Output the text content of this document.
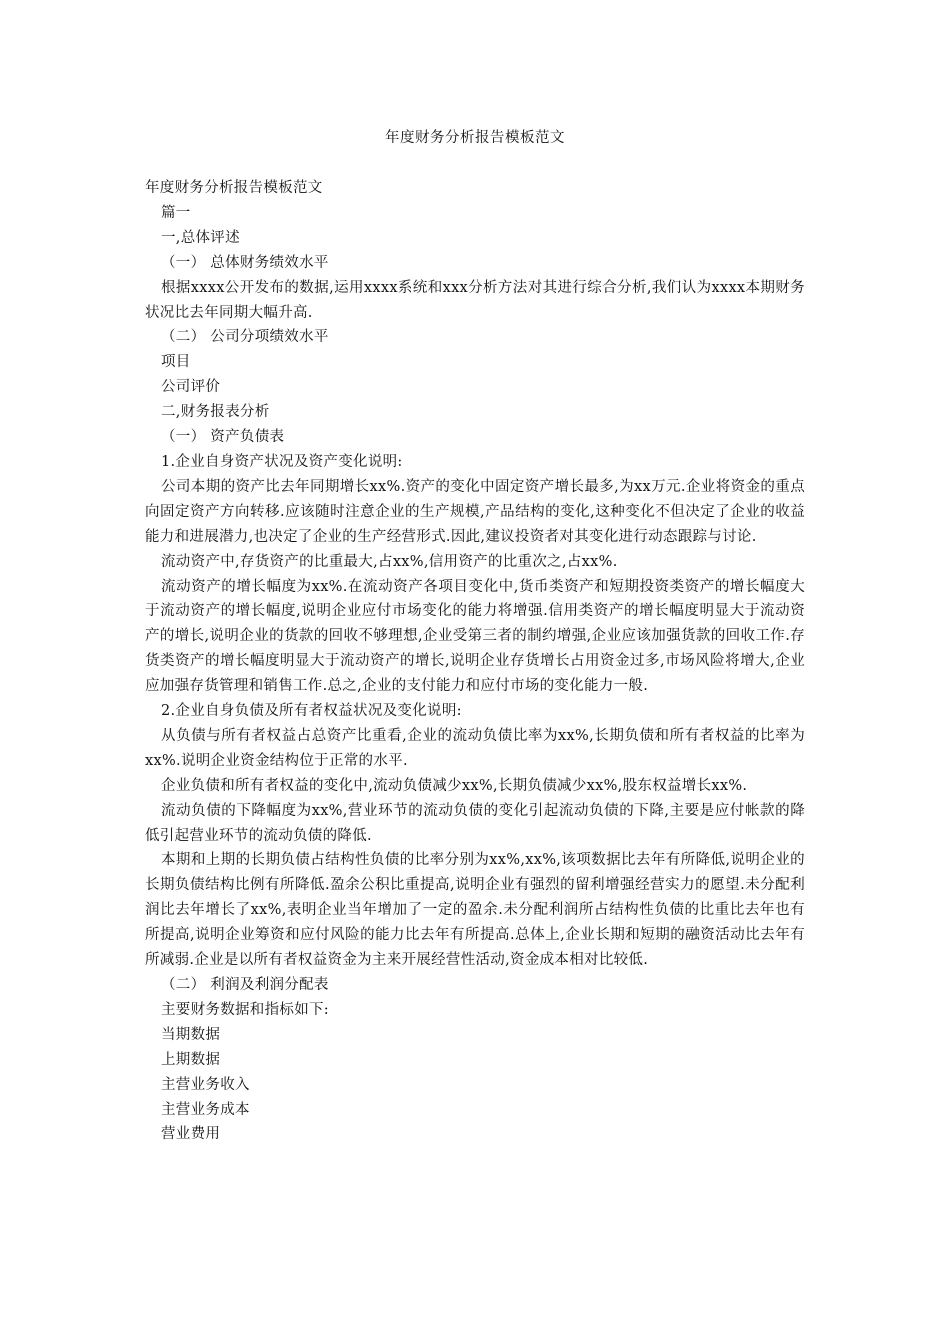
年度财务分析报告模板范文

年度财务分析报告模板范文

篇一

一,总体评述

（一） 总体财务绩效水平

根据xxxx公开发布的数据,运用xxxx系统和xxx分析方法对其进行综合分析,我们认为xxxx本期财务状况比去年同期大幅升高.

（二） 公司分项绩效水平

项目

公司评价

二,财务报表分析

（一） 资产负债表

1.企业自身资产状况及资产变化说明:

公司本期的资产比去年同期增长xx%.资产的变化中固定资产增长最多,为xx万元.企业将资金的重点向固定资产方向转移.应该随时注意企业的生产规模,产品结构的变化,这种变化不但决定了企业的收益能力和进展潜力,也决定了企业的生产经营形式.因此,建议投资者对其变化进行动态跟踪与讨论.

流动资产中,存货资产的比重最大,占xx%,信用资产的比重次之,占xx%.

流动资产的增长幅度为xx%.在流动资产各项目变化中,货币类资产和短期投资类资产的增长幅度大于流动资产的增长幅度,说明企业应付市场变化的能力将增强.信用类资产的增长幅度明显大于流动资产的增长,说明企业的货款的回收不够理想,企业受第三者的制约增强,企业应该加强货款的回收工作.存货类资产的增长幅度明显大于流动资产的增长,说明企业存货增长占用资金过多,市场风险将增大,企业应加强存货管理和销售工作.总之,企业的支付能力和应付市场的变化能力一般.

2.企业自身负债及所有者权益状况及变化说明:

从负债与所有者权益占总资产比重看,企业的流动负债比率为xx%,长期负债和所有者权益的比率为xx%.说明企业资金结构位于正常的水平.

企业负债和所有者权益的变化中,流动负债减少xx%,长期负债减少xx%,股东权益增长xx%.

流动负债的下降幅度为xx%,营业环节的流动负债的变化引起流动负债的下降,主要是应付帐款的降低引起营业环节的流动负债的降低.

本期和上期的长期负债占结构性负债的比率分别为xx%,xx%,该项数据比去年有所降低,说明企业的长期负债结构比例有所降低.盈余公积比重提高,说明企业有强烈的留利增强经营实力的愿望.未分配利润比去年增长了xx%,表明企业当年增加了一定的盈余.未分配利润所占结构性负债的比重比去年也有所提高,说明企业筹资和应付风险的能力比去年有所提高.总体上,企业长期和短期的融资活动比去年有所减弱.企业是以所有者权益资金为主来开展经营性活动,资金成本相对比较低.

（二） 利润及利润分配表

主要财务数据和指标如下:

当期数据

上期数据

主营业务收入

主营业务成本

营业费用
